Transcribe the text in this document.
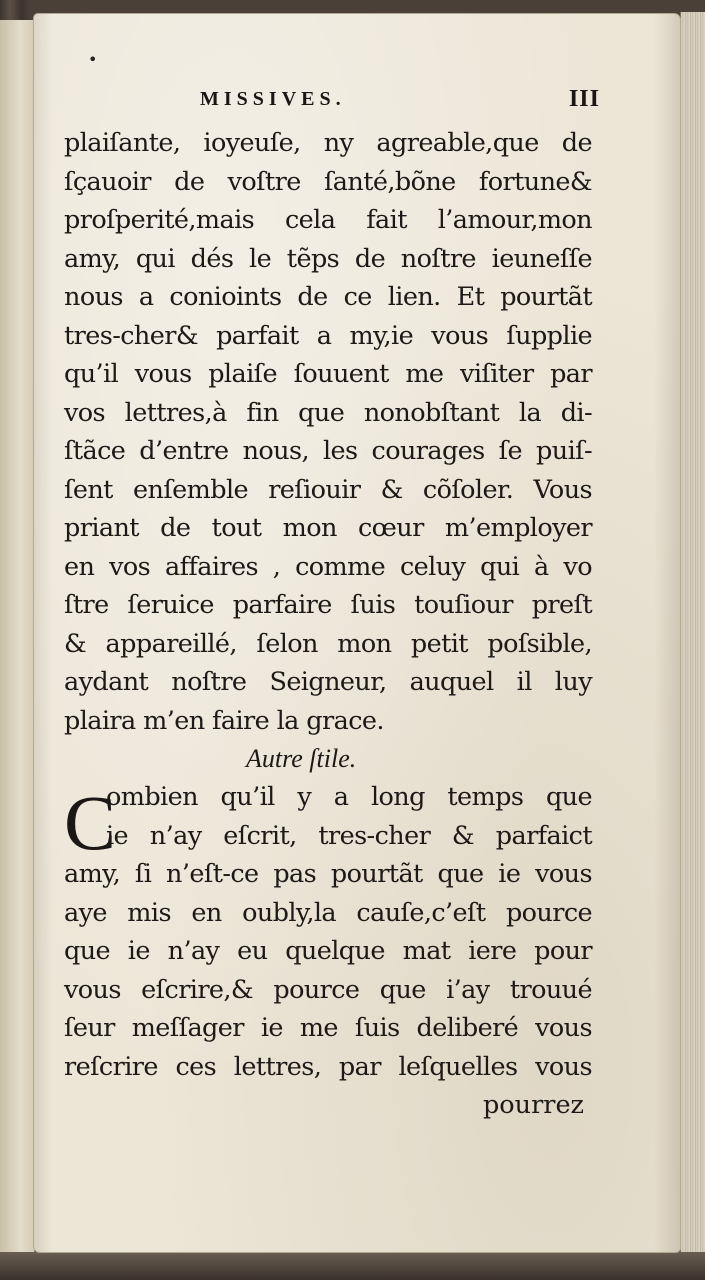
•
MISSIVES.	III
plaiſante, ioyeuſe, ny agreable,que de
ſçauoir de voſtre ſanté,bõne fortune&
proſperité,mais cela fait l’amour,mon
amy, qui dés le tẽps de noſtre ieuneſſe
nous a conioints de ce lien. Et pourtãt
tres-cher& parfait a my,ie vous ſupplie
qu’il vous plaiſe ſouuent me viſiter par
vos lettres,à fin que nonobſtant la di-
ſtãce d’entre nous, les courages ſe puiſ-
ſent enſemble reſiouir & cõſoler. Vous
priant de tout mon cœur m’employer
en vos affaires , comme celuy qui à vo
ſtre ſeruice parfaire ſuis touſiour preſt
& appareillé, ſelon mon petit poſsible,
aydant noſtre Seigneur, auquel il luy
plaira m’en faire la grace.
Autre ſtile.
C
ombien qu’il y a long temps que
ie n’ay eſcrit, tres-cher & parfaict
amy, ſi n’eſt-ce pas pourtãt que ie vous
aye mis en oubly,la cauſe,c’eſt pource
que ie n’ay eu quelque mat iere pour
vous eſcrire,& pource que i’ay trouué
ſeur meſſager ie me ſuis deliberé vous
reſcrire ces lettres, par leſquelles vous
pourrez
